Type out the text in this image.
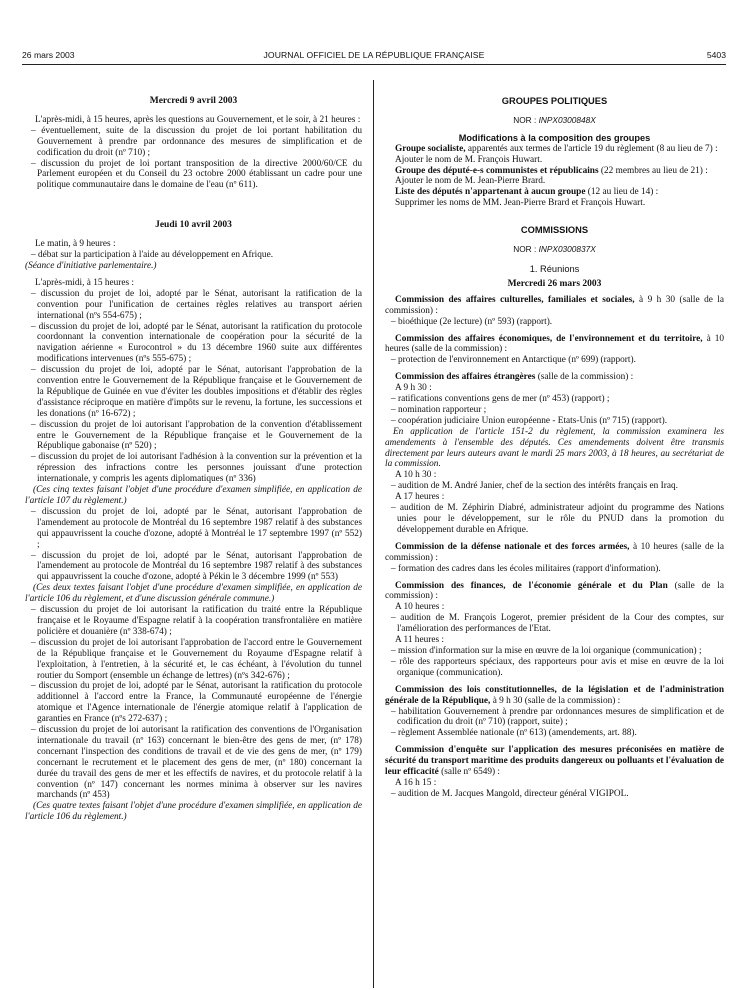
26 mars 2003	JOURNAL OFFICIEL DE LA RÉPUBLIQUE FRANÇAISE	5403

Mercredi 9 avril 2003

L'après-midi, à 15 heures, après les questions au Gouvernement, et le soir, à 21 heures :

– éventuellement, suite de la discussion du projet de loi portant habilitation du Gouvernement à prendre par ordonnance des mesures de simplification et de codification du droit (nº 710) ;

– discussion du projet de loi portant transposition de la directive 2000/60/CE du Parlement européen et du Conseil du 23 octobre 2000 établissant un cadre pour une politique communautaire dans le domaine de l'eau (nº 611).

Jeudi 10 avril 2003

Le matin, à 9 heures :

– débat sur la participation à l'aide au développement en Afrique.

(Séance d'initiative parlementaire.)

L'après-midi, à 15 heures :

– discussion du projet de loi, adopté par le Sénat, autorisant la ratification de la convention pour l'unification de certaines règles relatives au transport aérien international (nºs 554-675) ;

– discussion du projet de loi, adopté par le Sénat, autorisant la ratification du protocole coordonnant la convention internationale de coopération pour la sécurité de la navigation aérienne « Eurocontrol » du 13 décembre 1960 suite aux différentes modifications intervenues (nºs 555-675) ;

– discussion du projet de loi, adopté par le Sénat, autorisant l'approbation de la convention entre le Gouvernement de la République française et le Gouvernement de la République de Guinée en vue d'éviter les doubles impositions et d'établir des règles d'assistance réciproque en matière d'impôts sur le revenu, la fortune, les successions et les donations (nº 16-672) ;

– discussion du projet de loi autorisant l'approbation de la convention d'établissement entre le Gouvernement de la République française et le Gouvernement de la République gabonaise (nº 520) ;

– discussion du projet de loi autorisant l'adhésion à la convention sur la prévention et la répression des infractions contre les personnes jouissant d'une protection internationale, y compris les agents diplomatiques (nº 336)

(Ces cinq textes faisant l'objet d'une procédure d'examen simplifiée, en application de l'article 107 du règlement.)

– discussion du projet de loi, adopté par le Sénat, autorisant l'approbation de l'amendement au protocole de Montréal du 16 septembre 1987 relatif à des substances qui appauvrissent la couche d'ozone, adopté à Montréal le 17 septembre 1997 (nº 552) ;

– discussion du projet de loi, adopté par le Sénat, autorisant l'approbation de l'amendement au protocole de Montréal du 16 septembre 1987 relatif à des substances qui appauvrissent la couche d'ozone, adopté à Pékin le 3 décembre 1999 (nº 553)

(Ces deux textes faisant l'objet d'une procédure d'examen simplifiée, en application de l'article 106 du règlement, et d'une discussion générale commune.)

– discussion du projet de loi autorisant la ratification du traité entre la République française et le Royaume d'Espagne relatif à la coopération transfrontalière en matière policière et douanière (nº 338-674) ;

– discussion du projet de loi autorisant l'approbation de l'accord entre le Gouvernement de la République française et le Gouvernement du Royaume d'Espagne relatif à l'exploitation, à l'entretien, à la sécurité et, le cas échéant, à l'évolution du tunnel routier du Somport (ensemble un échange de lettres) (nºs 342-676) ;

– discussion du projet de loi, adopté par le Sénat, autorisant la ratification du protocole additionnel à l'accord entre la France, la Communauté européenne de l'énergie atomique et l'Agence internationale de l'énergie atomique relatif à l'application de garanties en France (nºs 272-637) ;

– discussion du projet de loi autorisant la ratification des conventions de l'Organisation internationale du travail (nº 163) concernant le bien-être des gens de mer, (nº 178) concernant l'inspection des conditions de travail et de vie des gens de mer, (nº 179) concernant le recrutement et le placement des gens de mer, (nº 180) concernant la durée du travail des gens de mer et les effectifs de navires, et du protocole relatif à la convention (nº 147) concernant les normes minima à observer sur les navires marchands (nº 453)

(Ces quatre textes faisant l'objet d'une procédure d'examen simplifiée, en application de l'article 106 du règlement.)

GROUPES POLITIQUES

NOR : INPX0300848X

Modifications à la composition des groupes

Groupe socialiste, apparentés aux termes de l'article 19 du règlement (8 au lieu de 7) :

Ajouter le nom de M. François Huwart.

Groupe des député-e-s communistes et républicains (22 membres au lieu de 21) :

Ajouter le nom de M. Jean-Pierre Brard.

Liste des députés n'appartenant à aucun groupe (12 au lieu de 14) :

Supprimer les noms de MM. Jean-Pierre Brard et François Huwart.

COMMISSIONS

NOR : INPX0300837X

1. Réunions

Mercredi 26 mars 2003

Commission des affaires culturelles, familiales et sociales, à 9 h 30 (salle de la commission) :

– bioéthique (2e lecture) (nº 593) (rapport).

Commission des affaires économiques, de l'environnement et du territoire, à 10 heures (salle de la commission) :

– protection de l'environnement en Antarctique (nº 699) (rapport).

Commission des affaires étrangères (salle de la commission) :

A 9 h 30 :

– ratifications conventions gens de mer (nº 453) (rapport) ;

– nomination rapporteur ;

– coopération judiciaire Union européenne - Etats-Unis (nº 715) (rapport).

En application de l'article 151-2 du règlement, la commission examinera les amendements à l'ensemble des députés. Ces amendements doivent être transmis directement par leurs auteurs avant le mardi 25 mars 2003, à 18 heures, au secrétariat de la commission.

A 10 h 30 :

– audition de M. André Janier, chef de la section des intérêts français en Iraq.

A 17 heures :

– audition de M. Zéphirin Diabré, administrateur adjoint du programme des Nations unies pour le développement, sur le rôle du PNUD dans la promotion du développement durable en Afrique.

Commission de la défense nationale et des forces armées, à 10 heures (salle de la commission) :

– formation des cadres dans les écoles militaires (rapport d'information).

Commission des finances, de l'économie générale et du Plan (salle de la commission) :

A 10 heures :

– audition de M. François Logerot, premier président de la Cour des comptes, sur l'amélioration des performances de l'Etat.

A 11 heures :

– mission d'information sur la mise en œuvre de la loi organique (communication) ;

– rôle des rapporteurs spéciaux, des rapporteurs pour avis et mise en œuvre de la loi organique (communication).

Commission des lois constitutionnelles, de la législation et de l'administration générale de la République, à 9 h 30 (salle de la commission) :

– habilitation Gouvernement à prendre par ordonnances mesures de simplification et de codification du droit (nº 710) (rapport, suite) ;

– règlement Assemblée nationale (nº 613) (amendements, art. 88).

Commission d'enquête sur l'application des mesures préconisées en matière de sécurité du transport maritime des produits dangereux ou polluants et l'évaluation de leur efficacité (salle nº 6549) :

A 16 h 15 :

– audition de M. Jacques Mangold, directeur général VIGIPOL.
